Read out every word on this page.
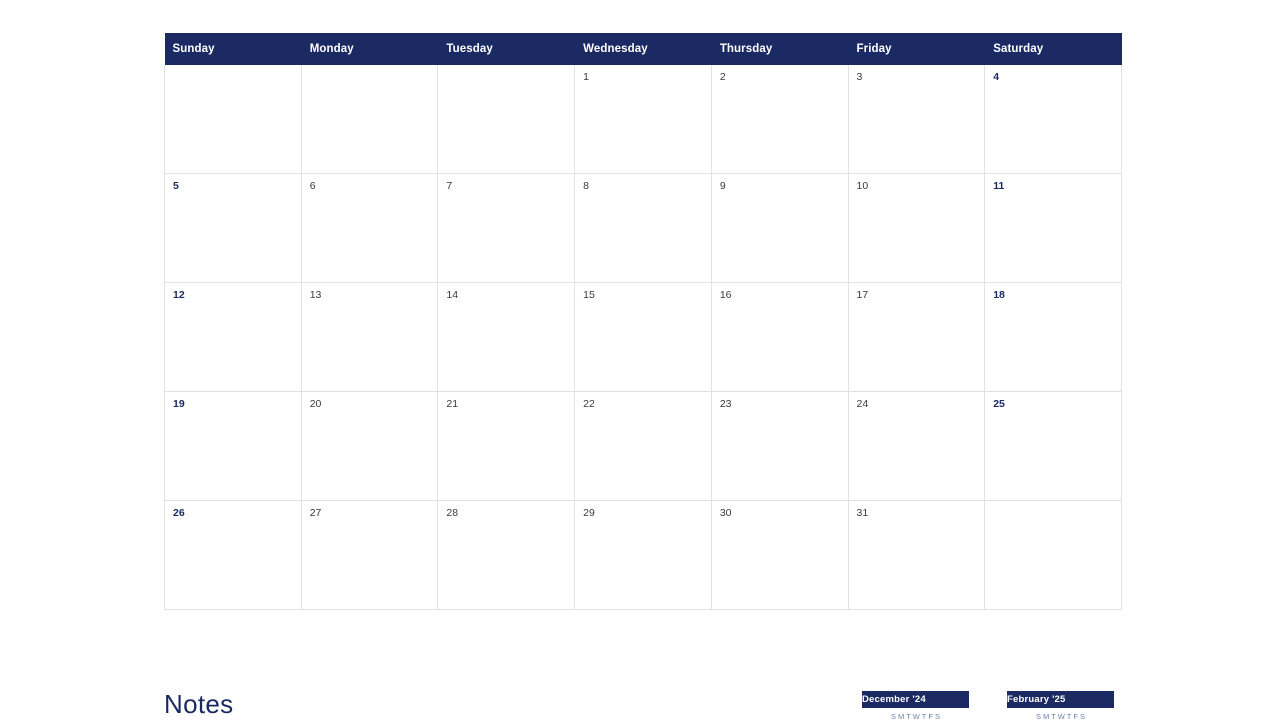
Sunday	Monday	Tuesday	Wednesday	Thursday	Friday	Saturday

			1	2	3	4

5	6	7	8	9	10	11

12	13	14	15	16	17	18

19	20	21	22	23	24	25

26	27	28	29	30	31	

Notes	December '24	February '25
S M T W T F S	S M T W T F S
